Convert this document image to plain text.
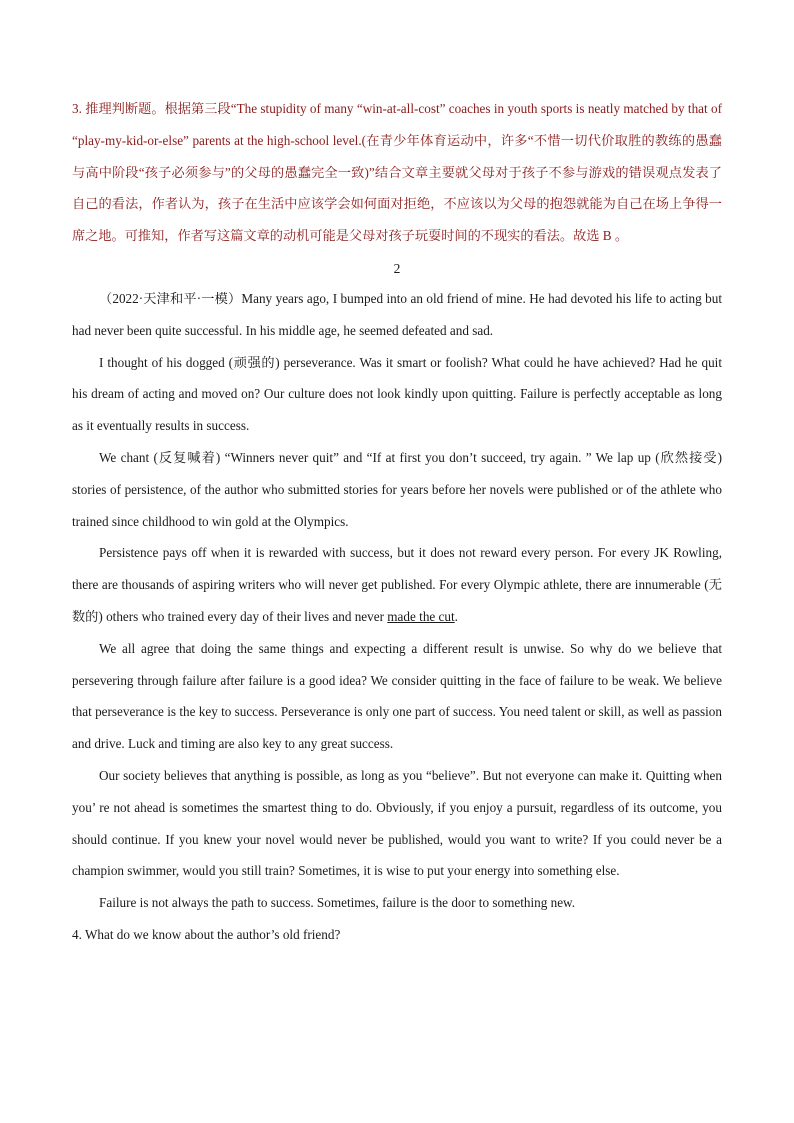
3. 推理判断题。根据第三段“The stupidity of many “win-at-all-cost” coaches in youth sports is neatly matched by that of “play-my-kid-or-else” parents at the high-school level.(在青少年体育运动中，许多“不惜一切代价取胜的教练的愚蠢与高中阶段“孩子必须参与”的父母的愚蠢完全一致)”结合文章主要就父母对于孩子不参与游戏的错误观点发表了自己的看法，作者认为，孩子在生活中应该学会如何面对拒绝，不应该以为父母的抱怨就能为自己在场上争得一席之地。可推知，作者写这篇文章的动机可能是父母对孩子玩耍时间的不现实的看法。故选 B 。

2

（2022·天津和平·一模）Many years ago, I bumped into an old friend of mine. He had devoted his life to acting but had never been quite successful. In his middle age, he seemed defeated and sad.

I thought of his dogged (顽强的) perseverance. Was it smart or foolish? What could he have achieved? Had he quit his dream of acting and moved on? Our culture does not look kindly upon quitting. Failure is perfectly acceptable as long as it eventually results in success.

We chant (反复喊着) “Winners never quit” and “If at first you don’t succeed, try again. ” We lap up (欣然接受) stories of persistence, of the author who submitted stories for years before her novels were published or of the athlete who trained since childhood to win gold at the Olympics.

Persistence pays off when it is rewarded with success, but it does not reward every person. For every JK Rowling, there are thousands of aspiring writers who will never get published. For every Olympic athlete, there are innumerable (无数的) others who trained every day of their lives and never made the cut.

We all agree that doing the same things and expecting a different result is unwise. So why do we believe that persevering through failure after failure is a good idea? We consider quitting in the face of failure to be weak. We believe that perseverance is the key to success. Perseverance is only one part of success. You need talent or skill, as well as passion and drive. Luck and timing are also key to any great success.

Our society believes that anything is possible, as long as you “believe”. But not everyone can make it. Quitting when you’ re not ahead is sometimes the smartest thing to do. Obviously, if you enjoy a pursuit, regardless of its outcome, you should continue. If you knew your novel would never be published, would you want to write? If you could never be a champion swimmer, would you still train? Sometimes, it is wise to put your energy into something else.

Failure is not always the path to success. Sometimes, failure is the door to something new.

4. What do we know about the author’s old friend?
